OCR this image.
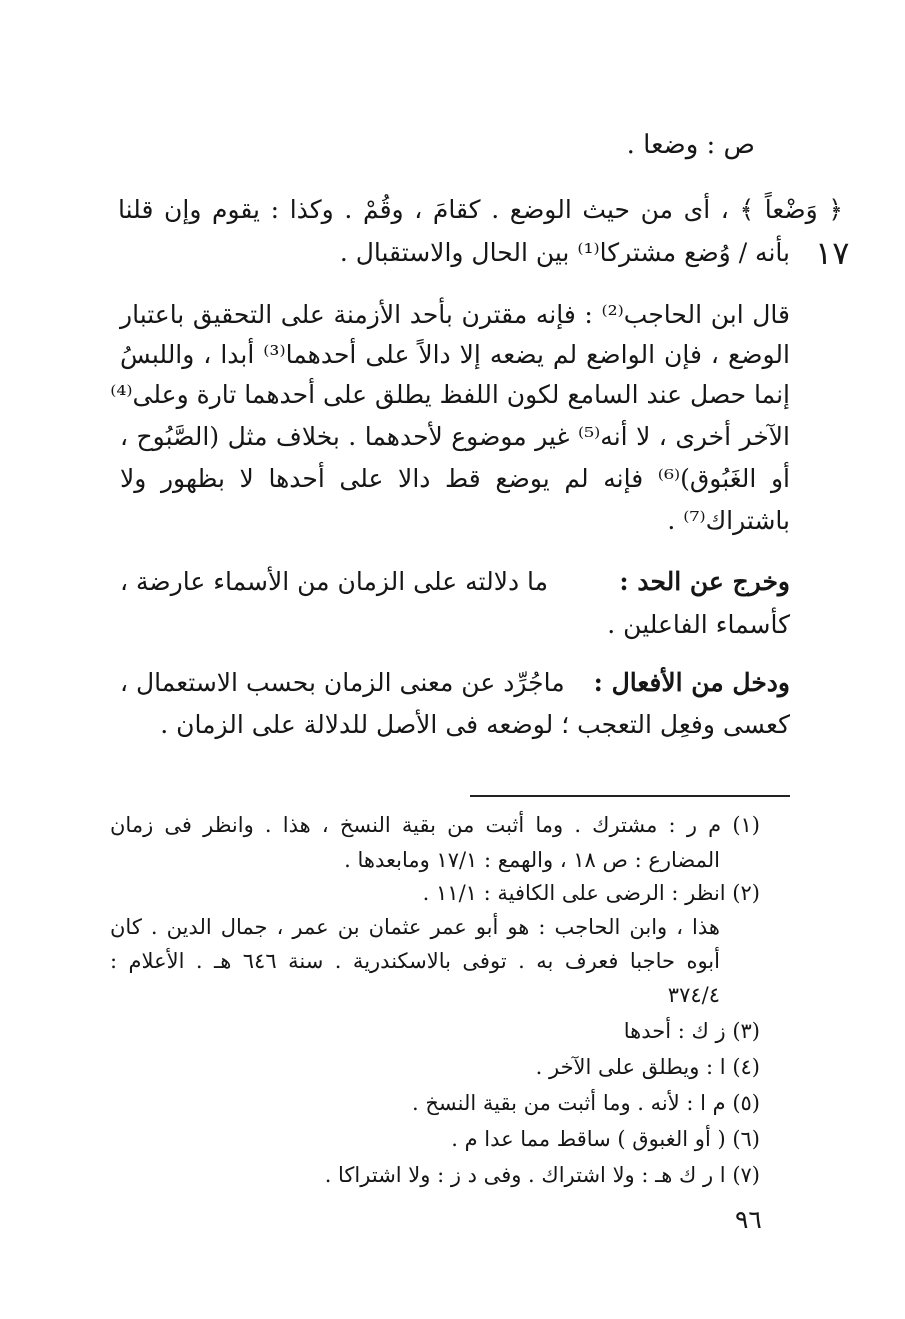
ص : وضعا .
﴿ وَضْعاً ﴾ ، أى من حيث الوضع . كقامَ ، وقُمْ . وكذا : يقوم وإن قلنا
بأنه / وُضع مشتركا⁽¹⁾ بين الحال والاستقبال . ١٧
قال ابن الحاجب⁽²⁾ : فإنه مقترن بأحد الأزمنة على التحقيق باعتبار
الوضع ، فإن الواضع لم يضعه إلا دالاً على أحدهما⁽³⁾ أبدا ، واللبسُ
إنما حصل عند السامع لكون اللفظ يطلق على أحدهما تارة وعلى⁽⁴⁾
الآخر أخرى ، لا أنه⁽⁵⁾ غير موضوع لأحدهما . بخلاف مثل (الصَّبُوح ،
أو الغَبُوق)⁽⁶⁾ فإنه لم يوضع قط دالا على أحدها لا بظهور ولا
باشتراك⁽⁷⁾ .
وخرج عن الحد :
ما دلالته على الزمان من الأسماء عارضة ،
كأسماء الفاعلين .
ودخل من الأفعال :
ماجُرِّد عن معنى الزمان بحسب الاستعمال ،
كعسى وفعِل التعجب ؛ لوضعه فى الأصل للدلالة على الزمان .
(١) م ر : مشترك . وما أثبت من بقية النسخ ، هذا . وانظر فى زمان
المضارع : ص ١٨ ، والهمع : ١٧/١ ومابعدها .
(٢) انظر : الرضى على الكافية : ١١/١ .
هذا ، وابن الحاجب : هو أبو عمر عثمان بن عمر ، جمال الدين . كان
أبوه حاجبا فعرف به . توفى بالاسكندرية . سنة ٦٤٦ هـ . الأعلام :
٣٧٤/٤
(٣) ز ك : أحدها
(٤) ا : ويطلق على الآخر .
(٥) م ا : لأنه . وما أثبت من بقية النسخ .
(٦) ( أو الغبوق ) ساقط مما عدا م .
(٧) ا ر ك هـ : ولا اشتراك . وفى د ز : ولا اشتراكا .
٩٦
